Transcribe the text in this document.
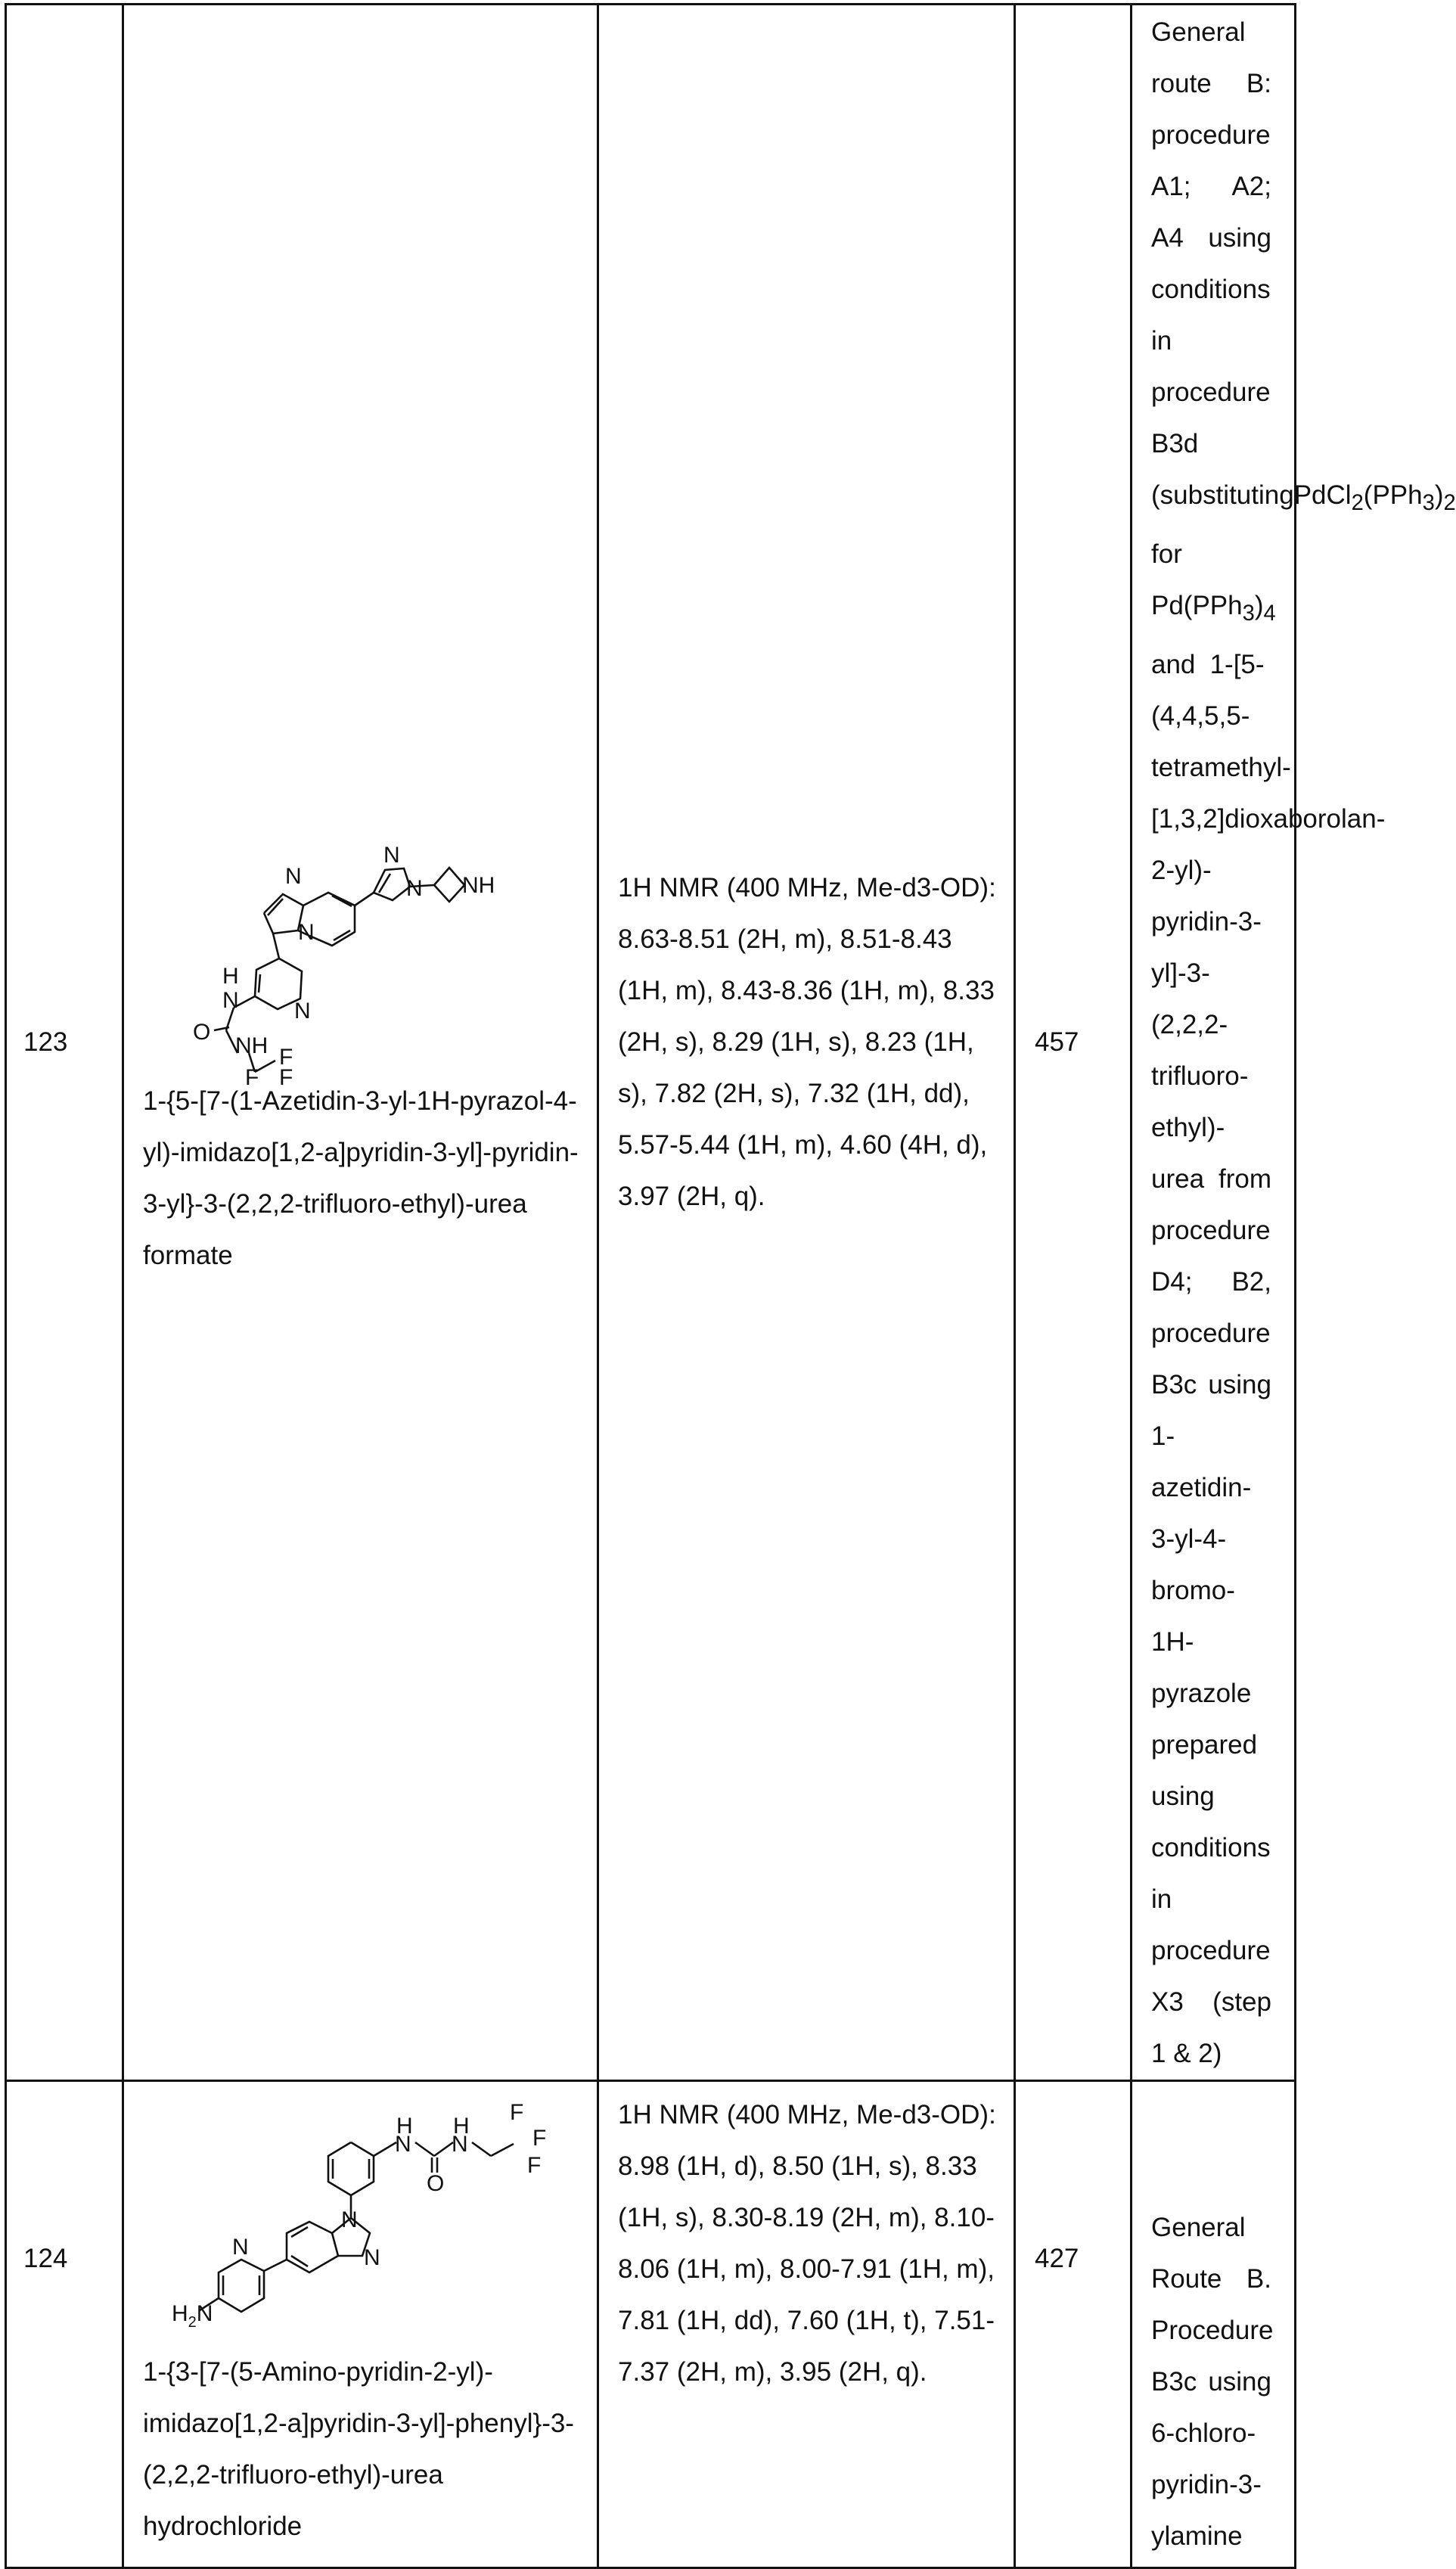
123	
N
N
N
N NH
N
H
N
O
NH F
F F
1-{5-[7-(1-Azetidin-3-yl-1H-pyrazol-4-yl)-imidazo[1,2-a]pyridin-3-yl]-pyridin-3-yl}-3-(2,2,2-trifluoro-ethyl)-urea formate
	1H NMR (400 MHz, Me-d3-OD): 8.63-8.51 (2H, m), 8.51-8.43 (1H, m), 8.43-8.36 (1H, m), 8.33 (2H, s), 8.29 (1H, s), 8.23 (1H, s), 7.82 (2H, s), 7.32 (1H, dd), 5.57-5.44 (1H, m), 4.60 (4H, d), 3.97 (2H, q).	457	
General route B: procedure A1; A2; A4 using conditions in procedure B3d (substitutingPdCl2(PPh3)2 for Pd(PPh3)4 and 1-[5-(4,4,5,5-tetramethyl-[1,3,2]dioxaborolan-2-yl)-pyridin-3-yl]-3-(2,2,2-trifluoro-ethyl)-urea from procedure D4; B2, procedure B3c using 1-azetidin-3-yl-4-bromo-1H-pyrazole prepared using conditions in procedure X3 (step 1 & 2)

124	
H
N
H
N
O
F
F
F
N
N
N
H2N
1-{3-[7-(5-Amino-pyridin-2-yl)-imidazo[1,2-a]pyridin-3-yl]-phenyl}-3-(2,2,2-trifluoro-ethyl)-urea hydrochloride
	1H NMR (400 MHz, Me-d3-OD): 8.98 (1H, d), 8.50 (1H, s), 8.33 (1H, s), 8.30-8.19 (2H, m), 8.10-8.06 (1H, m), 8.00-7.91 (1H, m), 7.81 (1H, dd), 7.60 (1H, t), 7.51-7.37 (2H, m), 3.95 (2H, q).	427	
General Route B. Procedure B3c using 6-chloro-pyridin-3-ylamine
